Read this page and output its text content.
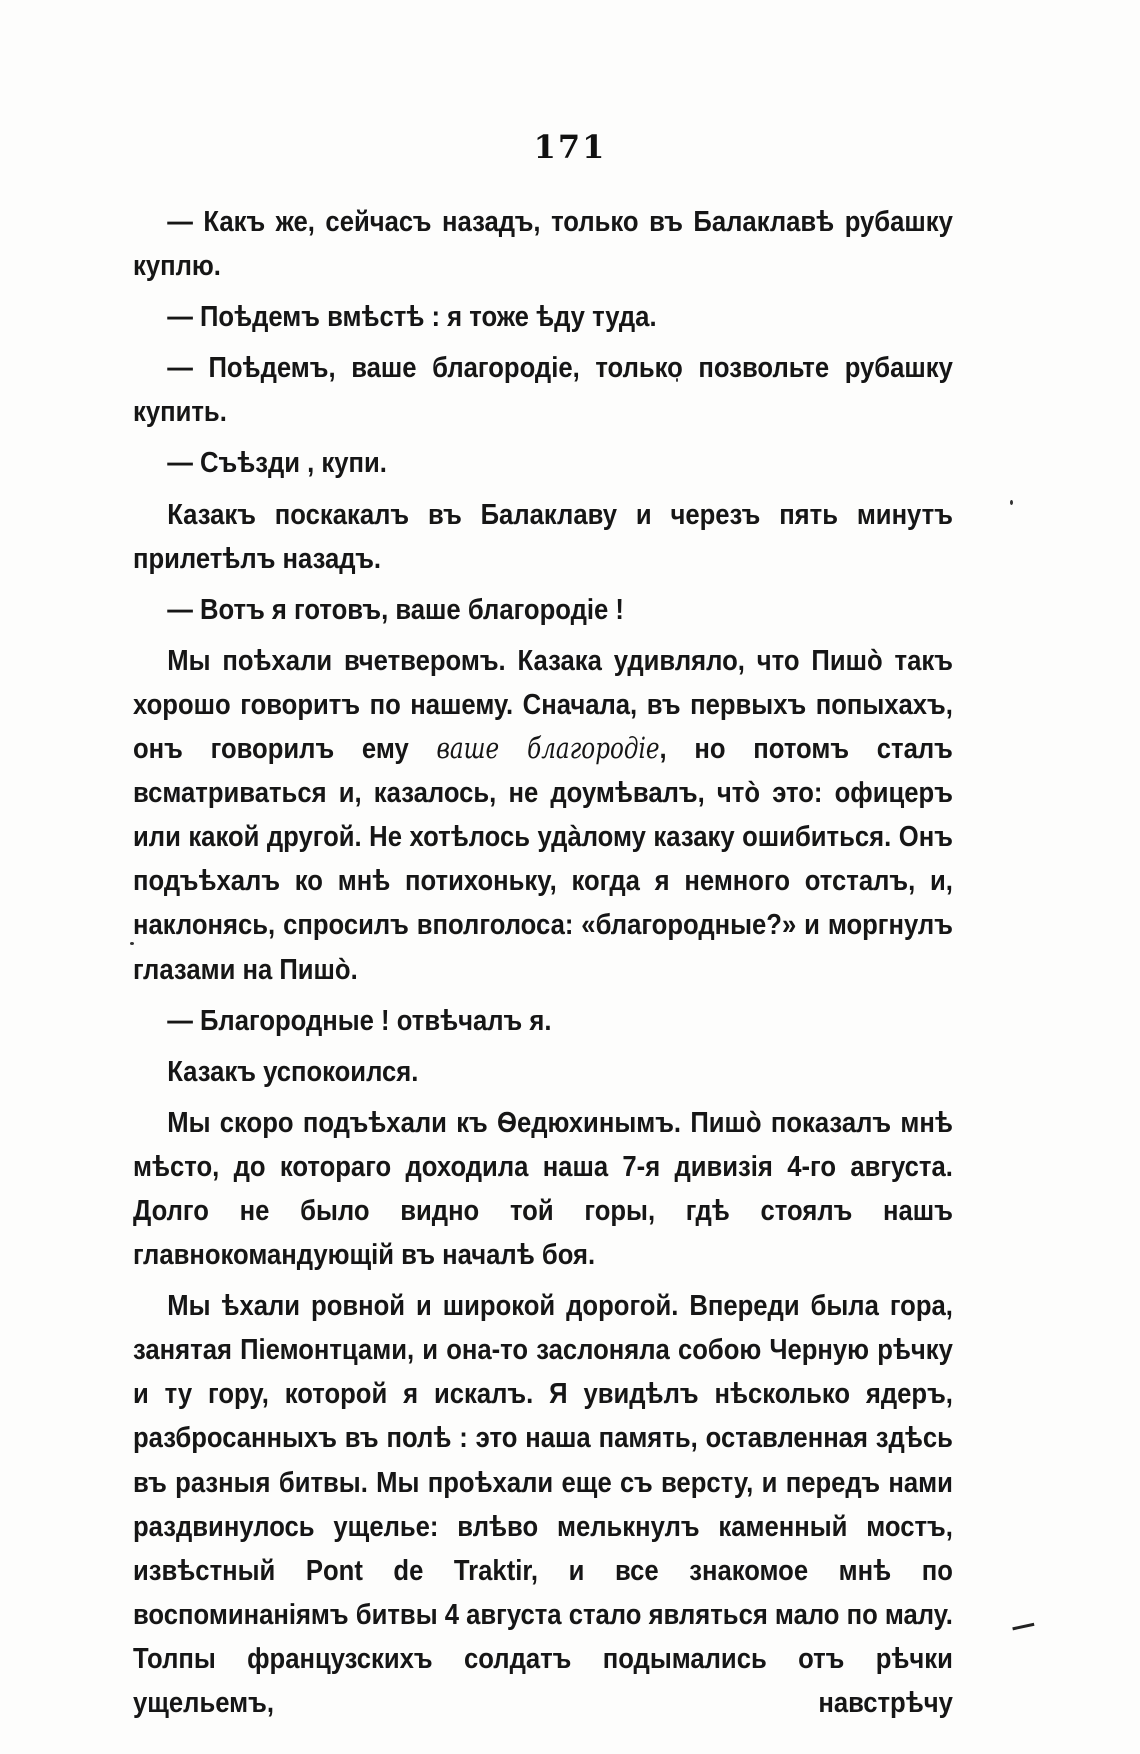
171

— Какъ же, сейчасъ назадъ, только въ Балаклавѣ рубашку куплю.

— Поѣдемъ вмѣстѣ : я тоже ѣду туда.

— Поѣдемъ, ваше благородіе, только позвольте рубашку купить.

— Съѣзди , купи.

Казакъ поскакалъ въ Балаклаву и черезъ пять минутъ прилетѣлъ назадъ.

— Вотъ я готовъ, ваше благородіе !

Мы поѣхали вчетверомъ. Казака удивляло, что Пишò такъ хорошо говоритъ по нашему. Сначала, въ первыхъ попыхахъ, онъ говорилъ ему ваше благородіе, но потомъ сталъ всматриваться и, казалось, не доумѣвалъ, чтò это: офицеръ или какой другой. Не хотѣлось удàлому казаку ошибиться. Онъ подъѣхалъ ко мнѣ потихоньку, когда я немного отсталъ, и, наклонясь, спросилъ вполголоса: «благородные?» и моргнулъ глазами на Пишò.

— Благородные ! отвѣчалъ я.

Казакъ успокоился.

Мы скоро подъѣхали къ Ѳедюхинымъ. Пишò показалъ мнѣ мѣсто, до котораго доходила наша 7-я дивизія 4-го августа. Долго не было видно той горы, гдѣ стоялъ нашъ главнокомандующій въ началѣ боя.

Мы ѣхали ровной и широкой дорогой. Впереди была гора, занятая Піемонтцами, и она-то заслоняла собою Черную рѣчку и ту гору, которой я искалъ. Я увидѣлъ нѣсколько ядеръ, разбросанныхъ въ полѣ : это наша память, оставленная здѣсь въ разныя битвы. Мы проѣхали еще съ версту, и передъ нами раздвинулось ущелье: влѣво мелькнулъ каменный мостъ, извѣстный Pont de Traktir, и все знакомое мнѣ по воспоминаніямъ битвы 4 августа стало являться мало по малу. Толпы французскихъ солдатъ подымались отъ рѣчки ущельемъ, навстрѣчу
